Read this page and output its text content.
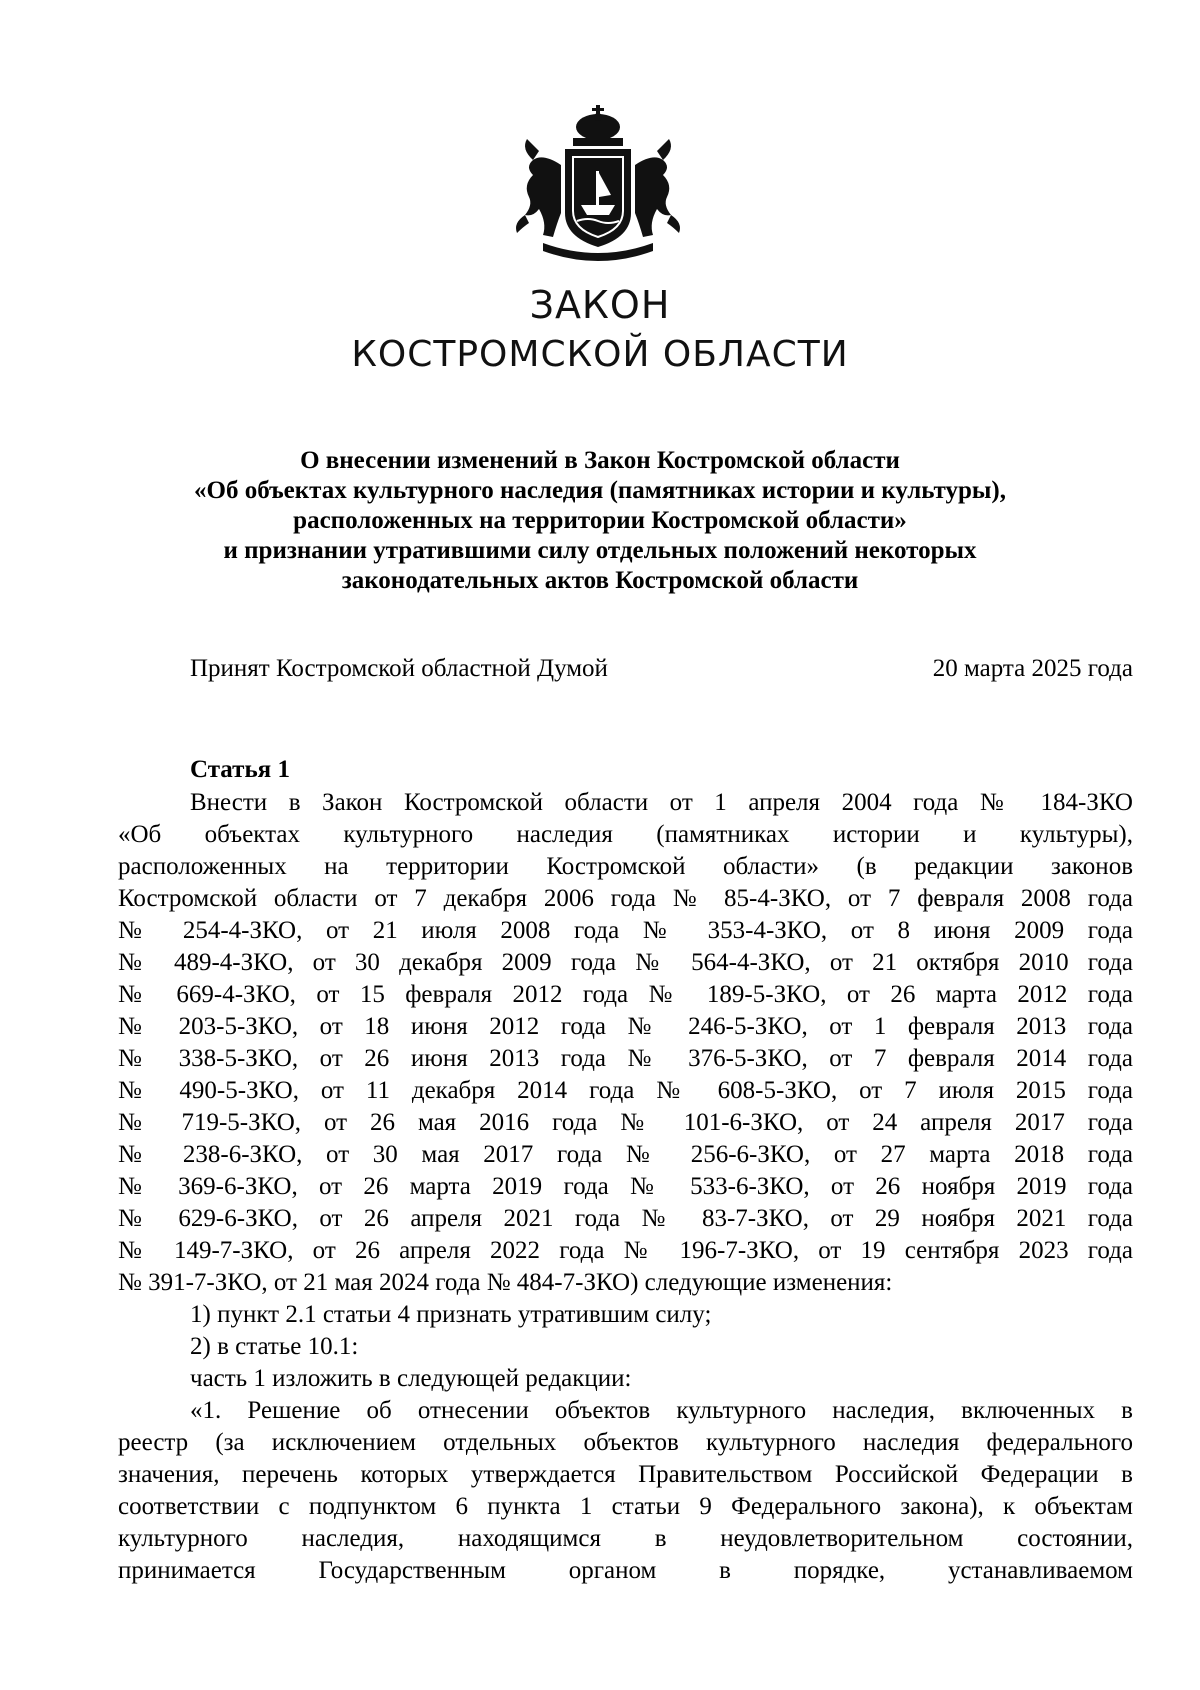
ЗАКОН
КОСТРОМСКОЙ ОБЛАСТИ
О внесении изменений в Закон Костромской области
«Об объектах культурного наследия (памятниках истории и культуры),
расположенных на территории Костромской области»
и признании утратившими силу отдельных положений некоторых
законодательных актов Костромской области
Принят Костромской областной Думой	20 марта 2025 года
Статья 1
Внести в Закон Костромской области от 1 апреля 2004 года № 184-ЗКО
«Об объектах культурного наследия (памятниках истории и культуры),
расположенных на территории Костромской области» (в редакции законов
Костромской области от 7 декабря 2006 года № 85-4-ЗКО, от 7 февраля 2008 года
№ 254-4-ЗКО, от 21 июля 2008 года № 353-4-ЗКО, от 8 июня 2009 года
№ 489-4-ЗКО, от 30 декабря 2009 года № 564-4-ЗКО, от 21 октября 2010 года
№ 669-4-ЗКО, от 15 февраля 2012 года № 189-5-ЗКО, от 26 марта 2012 года
№ 203-5-ЗКО, от 18 июня 2012 года № 246-5-ЗКО, от 1 февраля 2013 года
№ 338-5-ЗКО, от 26 июня 2013 года № 376-5-ЗКО, от 7 февраля 2014 года
№ 490-5-ЗКО, от 11 декабря 2014 года № 608-5-ЗКО, от 7 июля 2015 года
№ 719-5-ЗКО, от 26 мая 2016 года № 101-6-ЗКО, от 24 апреля 2017 года
№ 238-6-ЗКО, от 30 мая 2017 года № 256-6-ЗКО, от 27 марта 2018 года
№ 369-6-ЗКО, от 26 марта 2019 года № 533-6-ЗКО, от 26 ноября 2019 года
№ 629-6-ЗКО, от 26 апреля 2021 года № 83-7-ЗКО, от 29 ноября 2021 года
№ 149-7-ЗКО, от 26 апреля 2022 года № 196-7-ЗКО, от 19 сентября 2023 года
№ 391-7-ЗКО, от 21 мая 2024 года № 484-7-ЗКО) следующие изменения:
1) пункт 2.1 статьи 4 признать утратившим силу;
2) в статье 10.1:
часть 1 изложить в следующей редакции:
«1. Решение об отнесении объектов культурного наследия, включенных в
реестр (за исключением отдельных объектов культурного наследия федерального
значения, перечень которых утверждается Правительством Российской Федерации в
соответствии с подпунктом 6 пункта 1 статьи 9 Федерального закона), к объектам
культурного наследия, находящимся в неудовлетворительном состоянии,
принимается Государственным органом в порядке, устанавливаемом
